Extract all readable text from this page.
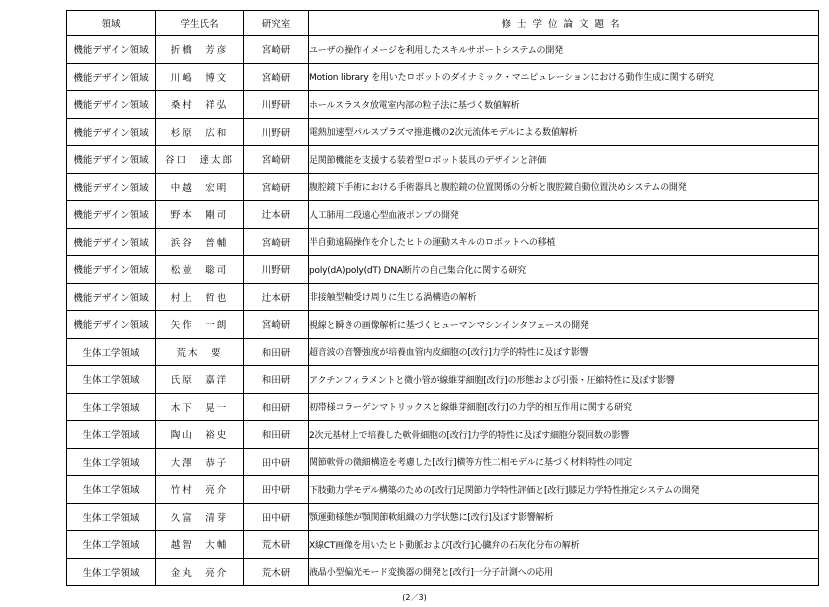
領域	学生氏名	研究室	修士学位論文題名
機能デザイン領域	折橋　芳彦	宮崎研	ユーザの操作イメージを利用したスキルサポートシステムの開発
機能デザイン領域	川嶋　博文	宮崎研	Motion library を用いたロボットのダイナミック・マニピュレーションにおける動作生成に関する研究
機能デザイン領域	桑村　祥弘	川野研	ホールスラスタ放電室内部の粒子法に基づく数値解析
機能デザイン領域	杉原　広和	川野研	電熱加速型パルスプラズマ推進機の2次元流体モデルによる数値解析
機能デザイン領域	谷口　達太郎	宮崎研	足関節機能を支援する装着型ロボット装具のデザインと評価
機能デザイン領域	中越　宏明	宮崎研	腹腔鏡下手術における手術器具と腹腔鏡の位置関係の分析と腹腔鏡自動位置決めシステムの開発
機能デザイン領域	野本　剛司	辻本研	人工肺用二段遠心型血液ポンプの開発
機能デザイン領域	浜谷　普輔	宮崎研	半自動遠隔操作を介したヒトの運動スキルのロボットへの移植
機能デザイン領域	松並　聡司	川野研	poly(dA)poly(dT) DNA断片の自己集合化に関する研究
機能デザイン領域	村上　哲也	辻本研	非接触型軸受け周りに生じる渦構造の解析
機能デザイン領域	矢作　一朗	宮崎研	視線と瞬きの画像解析に基づくヒューマンマシンインタフェースの開発
生体工学領域	荒木　要	和田研	超音波の音響強度が培養血管内皮細胞の[改行]力学的特性に及ぼす影響
生体工学領域	氏原　嘉洋	和田研	アクチンフィラメントと微小管が線維芽細胞[改行]の形態および引張・圧縮特性に及ぼす影響
生体工学領域	木下　晃一	和田研	初帯様コラーゲンマトリックスと線維芽細胞[改行]の力学的相互作用に関する研究
生体工学領域	陶山　裕史	和田研	2次元基材上で培養した軟骨細胞の[改行]力学的特性に及ぼす細胞分裂回数の影響
生体工学領域	大澤　恭子	田中研	関節軟骨の微細構造を考慮した[改行]横等方性二相モデルに基づく材料特性の同定
生体工学領域	竹村　亮介	田中研	下肢動力学モデル構築のための[改行]足関節力学特性評価と[改行]膝足力学特性推定システムの開発
生体工学領域	久富　清芽	田中研	顎運動様態が顎関節軟組織の力学状態に[改行]及ぼす影響解析
生体工学領域	越智　大輔	荒木研	X線CT画像を用いたヒト動脈および[改行]心臓弁の石灰化分布の解析
生体工学領域	金丸　亮介	荒木研	液晶小型偏光モード変換器の開発と[改行]一分子計測への応用
(2／3)
